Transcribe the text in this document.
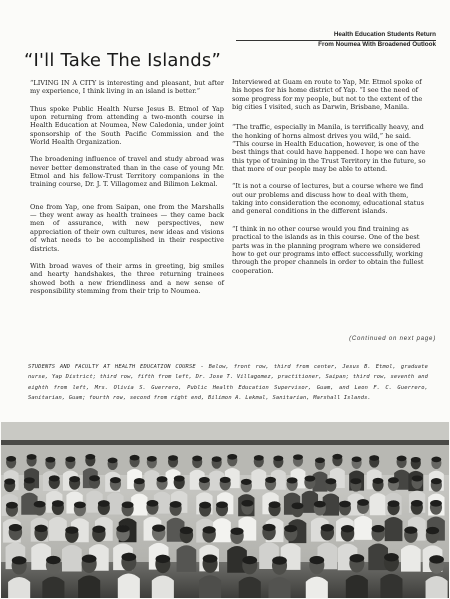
Health Education Students Return
From Noumea With Broadened Outlook
“I'll Take The Islands”

“LIVING IN A CITY is interesting and pleasant, but after my experience, I think living in an island is better.”

Thus spoke Public Health Nurse Jesus B. Etmol of Yap upon returning from attending a two-month course in Health Education at Noumea, New Caledonia, under joint sponsorship of the South Pacific Commission and the World Health Organization.

The broadening influence of travel and study abroad was never better demonstrated than in the case of young Mr. Etmol and his fellow-Trust Territory companions in the training course, Dr. J. T. Villagomez and Bilimon Lekmal.

One from Yap, one from Saipan, one from the Marshalls — they went away as health trainees — they came back men of assurance, with new perspectives, new appreciation of their own cultures, new ideas and visions of what needs to be accomplished in their respective districts.

With broad waves of their arms in greeting, big smiles and hearty handshakes, the three returning trainees showed both a new friendliness and a new sense of responsibility stemming from their trip to Noumea.

Interviewed at Guam en route to Yap, Mr. Etmol spoke of his hopes for his home district of Yap. “I see the need of some progress for my people, but not to the extent of the big cities I visited, such as Darwin, Brisbane, Manila.

“The traffic, especially in Manila, is terrifically heavy, and the honking of horns almost drives you wild,” he said. “This course in Health Education, however, is one of the best things that could have happened. I hope we can have this type of training in the Trust Territory in the future, so that more of our people may be able to attend.

“It is not a course of lectures, but a course where we find out our problems and discuss how to deal with them, taking into consideration the economy, educational status and general conditions in the different islands.

“I think in no other course would you find training as practical to the islands as in this course. One of the best parts was in the planning program where we considered how to get our programs into effect successfully, working through the proper channels in order to obtain the fullest cooperation.

(Continued on next page)
STUDENTS AND FACULTY AT HEALTH EDUCATION COURSE - Below, front row, third from center, Jesus B. Etmol, graduate nurse, Yap District; third row, fifth from left, Dr. Jose T. Villagomez, practitioner, Saipan; third row, seventh and eighth from left, Mrs. Olivia S. Guerrero, Public Health Education Supervisor, Guam, and Leon F. C. Guerrero, Sanitarian, Guam; fourth row, second from right end, Bilimon A. Lekmal, Sanitarian, Marshall Islands.
